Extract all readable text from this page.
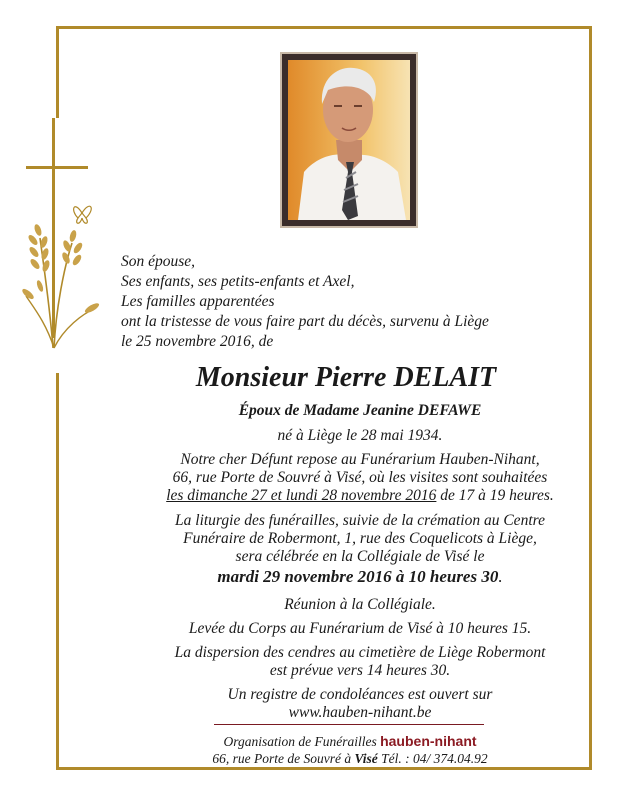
Son épouse,
Ses enfants, ses petits-enfants et Axel,
Les familles apparentées
ont la tristesse de vous faire part du décès, survenu à Liège
le 25 novembre 2016, de
Monsieur Pierre DELAIT
Époux de Madame Jeanine DEFAWE
né à Liège le 28 mai 1934.
Notre cher Défunt repose au Funérarium Hauben-Nihant,
66, rue Porte de Souvré à Visé, où les visites sont souhaitées
les dimanche 27 et lundi 28 novembre 2016 de 17 à 19 heures.
La liturgie des funérailles, suivie de la crémation au Centre
Funéraire de Robermont, 1, rue des Coquelicots à Liège,
sera célébrée en la Collégiale de Visé le
mardi 29 novembre 2016 à 10 heures 30.
Réunion à la Collégiale.
Levée du Corps au Funérarium de Visé à 10 heures 15.
La dispersion des cendres au cimetière de Liège Robermont
est prévue vers 14 heures 30.
Un registre de condoléances est ouvert sur
www.hauben-nihant.be
Organisation de Funérailles hauben-nihant
66, rue Porte de Souvré à Visé Tél. : 04/ 374.04.92
